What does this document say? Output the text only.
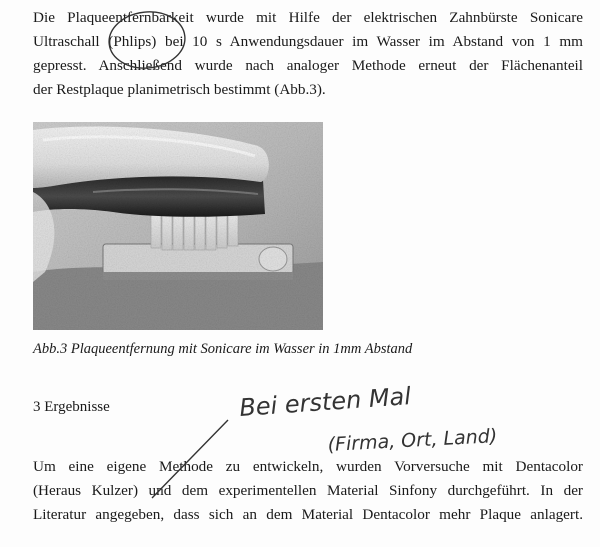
Die Plaqueentfernbarkeit wurde mit Hilfe der elektrischen Zahnbürste Sonicare
Ultraschall (Phlips) bei 10 s Anwendungsdauer im Wasser im Abstand von 1 mm
gepresst. Anschließend wurde nach analoger Methode erneut der Flächenanteil
der Restplaque planimetrisch bestimmt (Abb.3).

Abb.3 Plaqueentfernung mit Sonicare im Wasser in 1mm Abstand
3 Ergebnisse

Um eine eigene Methode zu entwickeln, wurden Vorversuche mit Dentacolor
(Heraus Kulzer) und dem experimentellen Material Sinfony durchgeführt. In der
Literatur angegeben, dass sich an dem Material Dentacolor mehr Plaque anlagert.

Bei ersten Mal
(Firma, Ort, Land)
